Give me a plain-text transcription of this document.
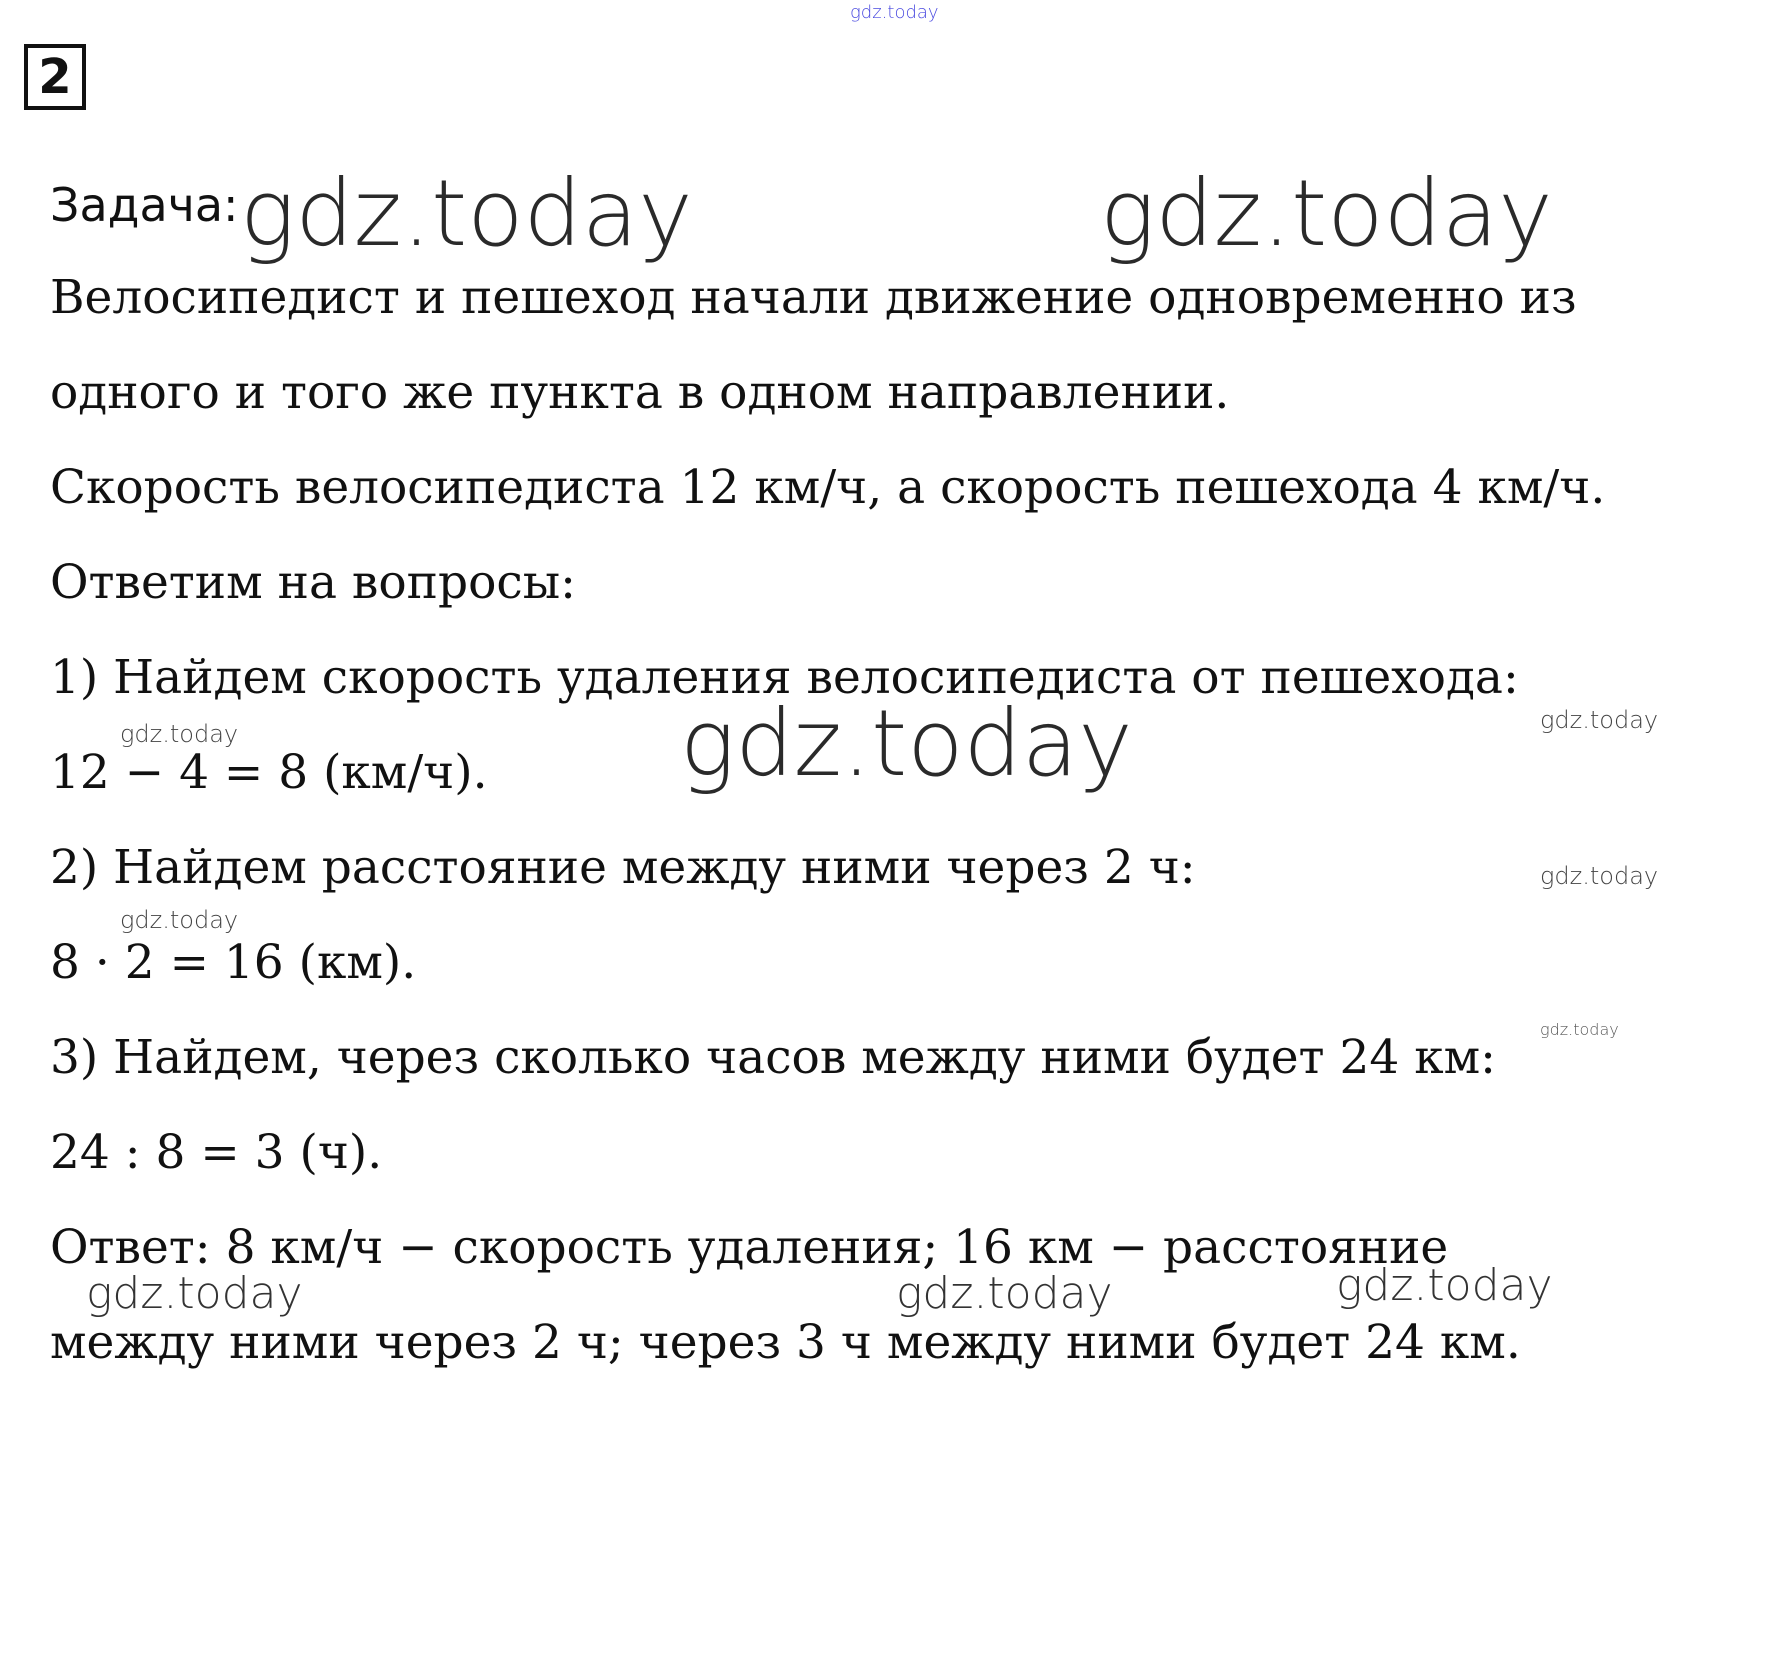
2
Задача:
Велосипедист и пешеход начали движение одновременно из
одного и того же пункта в одном направлении.
Скорость велосипедиста 12 км/ч, а скорость пешехода 4 км/ч.
Ответим на вопросы:
1) Найдем скорость удаления велосипедиста от пешехода:
12 − 4 = 8 (км/ч).
2) Найдем расстояние между ними через 2 ч:
8 · 2 = 16 (км).
3) Найдем, через сколько часов между ними будет 24 км:
24 : 8 = 3 (ч).
Ответ: 8 км/ч − скорость удаления; 16 км − расстояние
между ними через 2 ч; через 3 ч между ними будет 24 км.
gdz.today
gdz.today	gdz.today
gdz.today
gdz.today	gdz.today
gdz.today
gdz.today
gdz.today
gdz.today	gdz.today	gdz.today
